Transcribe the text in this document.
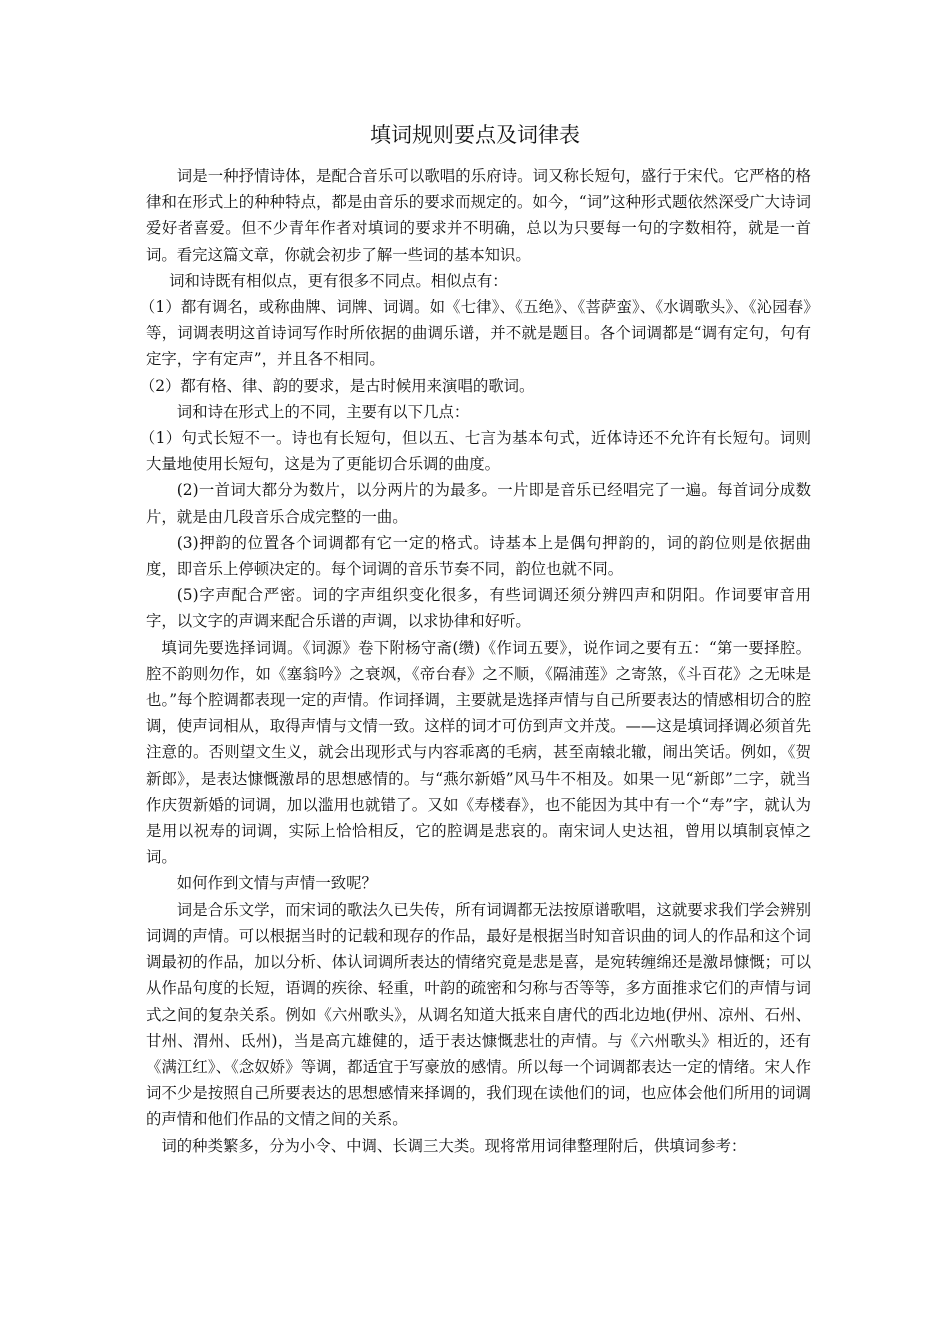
填词规则要点及词律表

词是一种抒情诗体，是配合音乐可以歌唱的乐府诗。词又称长短句，盛行于宋代。它严格的格律和在形式上的种种特点，都是由音乐的要求而规定的。如今，“词”这种形式题依然深受广大诗词爱好者喜爱。但不少青年作者对填词的要求并不明确，总以为只要每一句的字数相符，就是一首词。看完这篇文章，你就会初步了解一些词的基本知识。

词和诗既有相似点，更有很多不同点。相似点有：

（1）都有调名，或称曲牌、词牌、词调。如《七律》、《五绝》、《菩萨蛮》、《水调歌头》、《沁园春》等，词调表明这首诗词写作时所依据的曲调乐谱，并不就是题目。各个词调都是“调有定句，句有定字，字有定声”，并且各不相同。

（2）都有格、律、韵的要求，是古时候用来演唱的歌词。

词和诗在形式上的不同，主要有以下几点：

（1）句式长短不一。诗也有长短句，但以五、七言为基本句式，近体诗还不允许有长短句。词则大量地使用长短句，这是为了更能切合乐调的曲度。

(2)一首词大都分为数片，以分两片的为最多。一片即是音乐已经唱完了一遍。每首词分成数片，就是由几段音乐合成完整的一曲。

(3)押韵的位置各个词调都有它一定的格式。诗基本上是偶句押韵的，词的韵位则是依据曲度，即音乐上停顿决定的。每个词调的音乐节奏不同，韵位也就不同。

(5)字声配合严密。词的字声组织变化很多，有些词调还须分辨四声和阴阳。作词要审音用字，以文字的声调来配合乐谱的声调，以求协律和好听。

填词先要选择词调。《词源》卷下附杨守斋(缵)《作词五要》，说作词之要有五：“第一要择腔。腔不韵则勿作，如《塞翁吟》之衰飒，《帝台春》之不顺，《隔浦莲》之寄煞，《斗百花》之无味是也。”每个腔调都表现一定的声情。作词择调，主要就是选择声情与自己所要表达的情感相切合的腔调，使声词相从，取得声情与文情一致。这样的词才可仿到声文并茂。——这是填词择调必须首先注意的。否则望文生义，就会出现形式与内容乖离的毛病，甚至南辕北辙，闹出笑话。例如，《贺新郎》，是表达慷慨激昂的思想感情的。与“燕尔新婚”风马牛不相及。如果一见“新郎”二字，就当作庆贺新婚的词调，加以滥用也就错了。又如《寿楼春》，也不能因为其中有一个“寿”字，就认为是用以祝寿的词调，实际上恰恰相反，它的腔调是悲哀的。南宋词人史达祖，曾用以填制哀悼之词。

如何作到文情与声情一致呢？

词是合乐文学，而宋词的歌法久已失传，所有词调都无法按原谱歌唱，这就要求我们学会辨别词调的声情。可以根据当时的记载和现存的作品，最好是根据当时知音识曲的词人的作品和这个词调最初的作品，加以分析、体认词调所表达的情绪究竟是悲是喜，是宛转缠绵还是激昂慷慨；可以从作品句度的长短，语调的疾徐、轻重，叶韵的疏密和匀称与否等等，多方面推求它们的声情与词式之间的复杂关系。例如《六州歌头》，从调名知道大抵来自唐代的西北边地(伊州、凉州、石州、甘州、渭州、氐州)，当是高亢雄健的，适于表达慷慨悲壮的声情。与《六州歌头》相近的，还有《满江红》、《念奴娇》等调，都适宜于写豪放的感情。所以每一个词调都表达一定的情绪。宋人作词不少是按照自己所要表达的思想感情来择调的，我们现在读他们的词，也应体会他们所用的词调的声情和他们作品的文情之间的关系。

词的种类繁多，分为小令、中调、长调三大类。现将常用词律整理附后，供填词参考：
